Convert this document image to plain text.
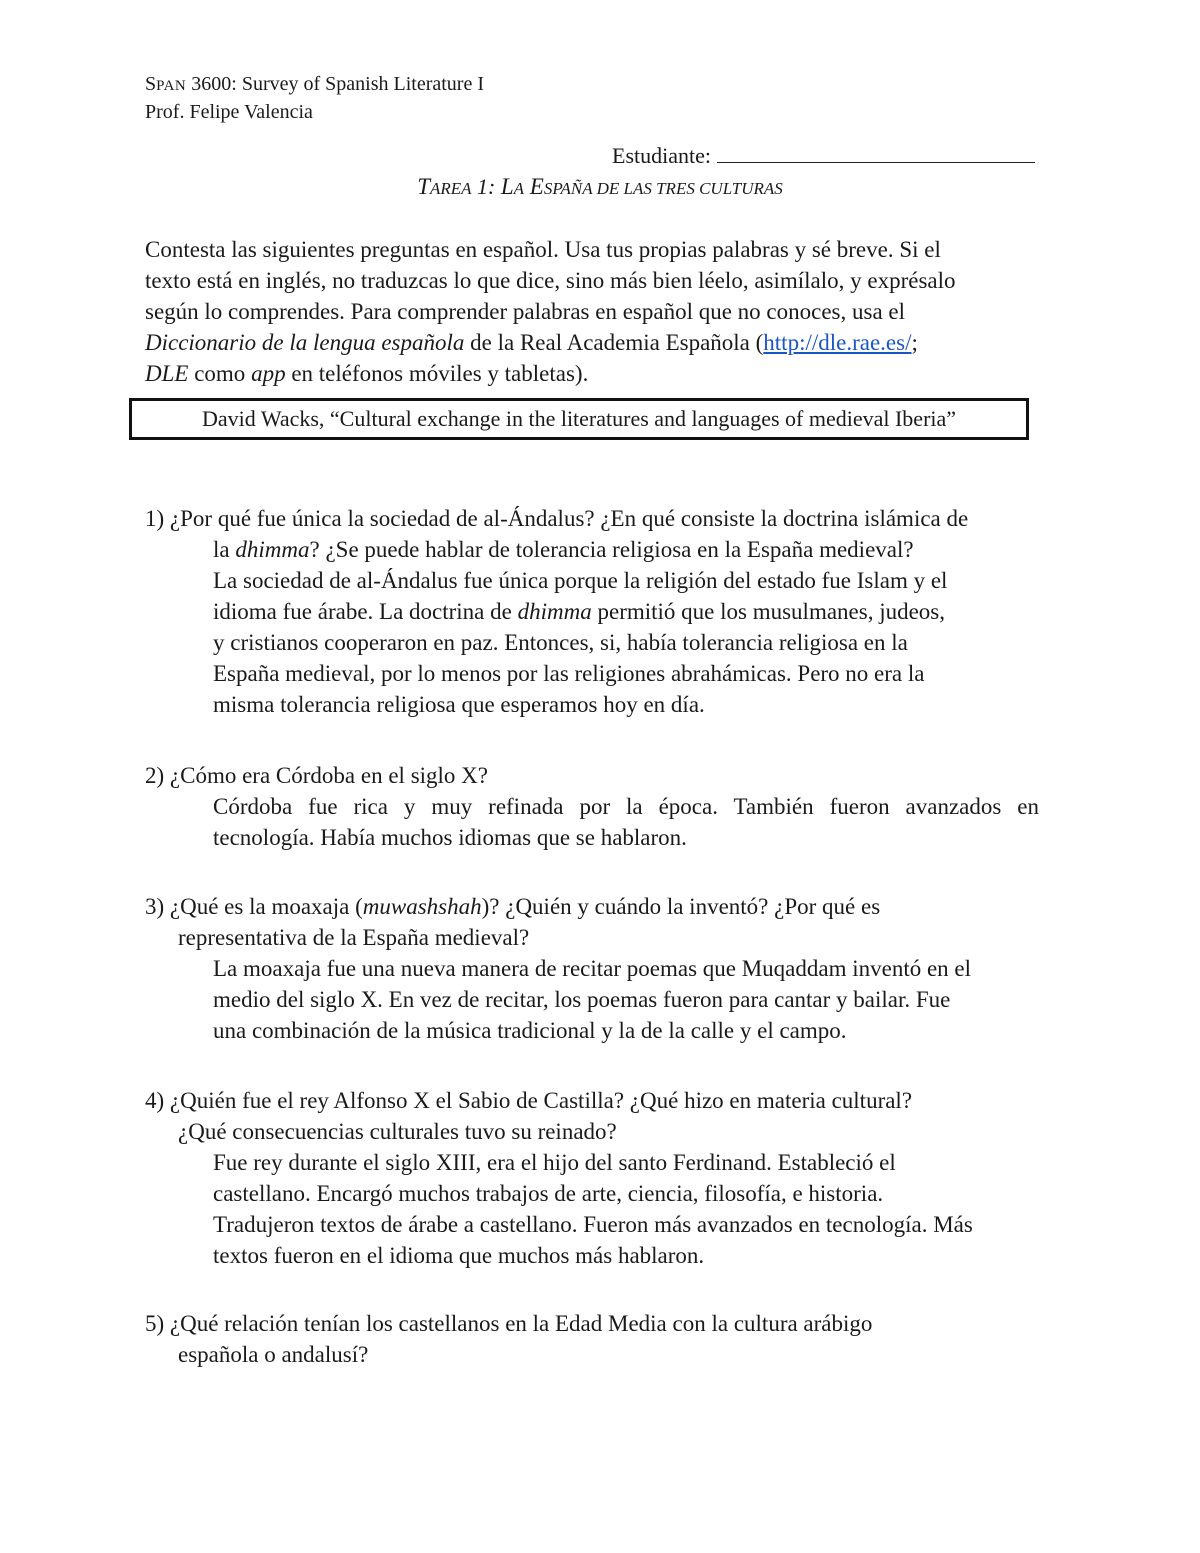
SPAN 3600: Survey of Spanish Literature I
Prof. Felipe Valencia
Estudiante:
TAREA 1: LA ESPAÑA DE LAS TRES CULTURAS
Contesta las siguientes preguntas en español. Usa tus propias palabras y sé breve. Si el
texto está en inglés, no traduzcas lo que dice, sino más bien léelo, asimílalo, y exprésalo
según lo comprendes. Para comprender palabras en español que no conoces, usa el
Diccionario de la lengua española de la Real Academia Española (http://dle.rae.es/;
DLE como app en teléfonos móviles y tabletas).
David Wacks, “Cultural exchange in the literatures and languages of medieval Iberia”
1) ¿Por qué fue única la sociedad de al-Ándalus? ¿En qué consiste la doctrina islámica de
la dhimma? ¿Se puede hablar de tolerancia religiosa en la España medieval?
La sociedad de al-Ándalus fue única porque la religión del estado fue Islam y el
idioma fue árabe. La doctrina de dhimma permitió que los musulmanes, judeos,
y cristianos cooperaron en paz. Entonces, si, había tolerancia religiosa en la
España medieval, por lo menos por las religiones abrahámicas. Pero no era la
misma tolerancia religiosa que esperamos hoy en día.
2) ¿Cómo era Córdoba en el siglo X?
Córdoba fue rica y muy refinada por la época. También fueron avanzados en
tecnología. Había muchos idiomas que se hablaron.
3) ¿Qué es la moaxaja (muwashshah)? ¿Quién y cuándo la inventó? ¿Por qué es
representativa de la España medieval?
La moaxaja fue una nueva manera de recitar poemas que Muqaddam inventó en el
medio del siglo X. En vez de recitar, los poemas fueron para cantar y bailar. Fue
una combinación de la música tradicional y la de la calle y el campo.
4) ¿Quién fue el rey Alfonso X el Sabio de Castilla? ¿Qué hizo en materia cultural?
¿Qué consecuencias culturales tuvo su reinado?
Fue rey durante el siglo XIII, era el hijo del santo Ferdinand. Estableció el
castellano. Encargó muchos trabajos de arte, ciencia, filosofía, e historia.
Tradujeron textos de árabe a castellano. Fueron más avanzados en tecnología. Más
textos fueron en el idioma que muchos más hablaron.
5) ¿Qué relación tenían los castellanos en la Edad Media con la cultura arábigo
española o andalusí?
